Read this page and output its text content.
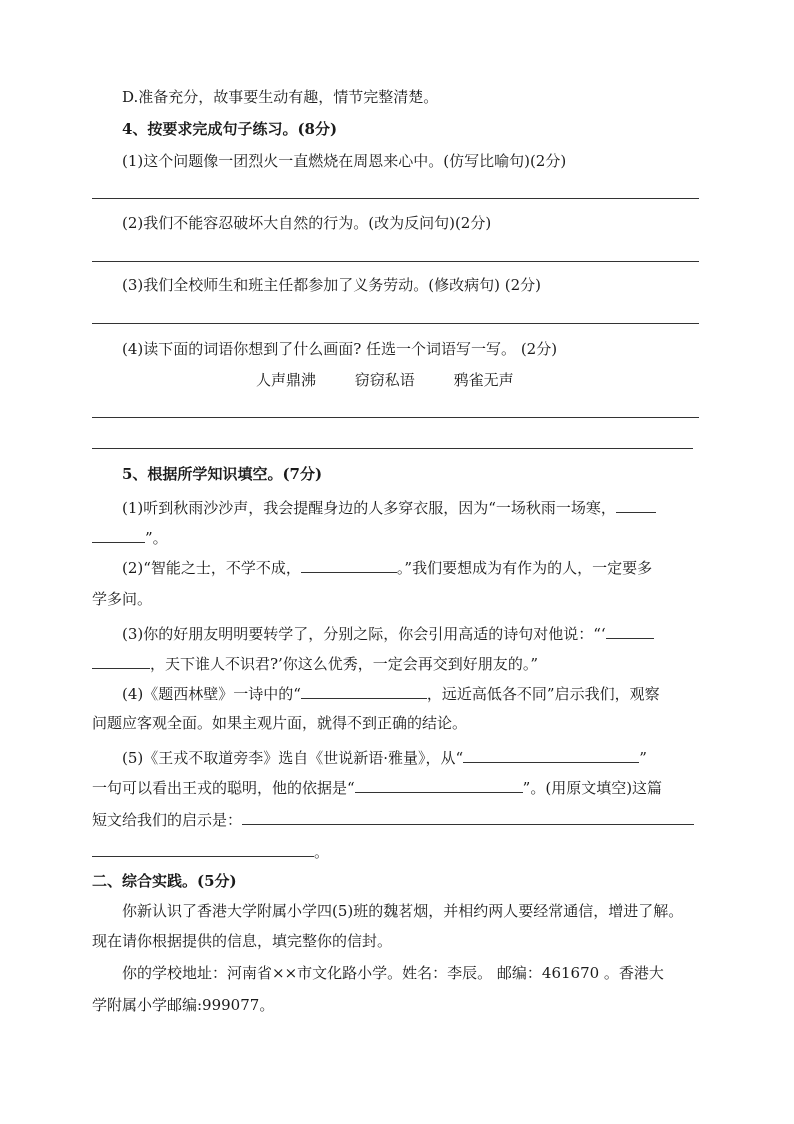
D.准备充分，故事要生动有趣，情节完整清楚。
4、按要求完成句子练习。(8分)
(1)这个问题像一团烈火一直燃烧在周恩来心中。(仿写比喻句)(2分)
(2)我们不能容忍破坏大自然的行为。(改为反问句)(2分)
(3)我们全校师生和班主任都参加了义务劳动。(修改病句) (2分)
(4)读下面的词语你想到了什么画面? 任选一个词语写一写。 (2分)
人声鼎沸	窃窃私语	鸦雀无声
5、根据所学知识填空。(7分)
(1)听到秋雨沙沙声，我会提醒身边的人多穿衣服，因为“一场秋雨一场寒，
”。
(2)“智能之士，不学不成，	。”我们要想成为有作为的人，一定要多
学多问。
(3)你的好朋友明明要转学了，分别之际，你会引用高适的诗句对他说：“‘
，天下谁人不识君?’你这么优秀，一定会再交到好朋友的。”
(4)《题西林壁》一诗中的“	，远近高低各不同”启示我们，观察
问题应客观全面。如果主观片面，就得不到正确的结论。
(5)《王戎不取道旁李》选自《世说新语·雅量》，从“	”
一句可以看出王戎的聪明，他的依据是“	”。(用原文填空)这篇
短文给我们的启示是：
。
二、综合实践。(5分)
你新认识了香港大学附属小学四(5)班的魏茗烟，并相约两人要经常通信，增进了解。
现在请你根据提供的信息，填完整你的信封。
你的学校地址：河南省××市文化路小学。姓名：李辰。 邮编：461670 。香港大
学附属小学邮编:999077。
